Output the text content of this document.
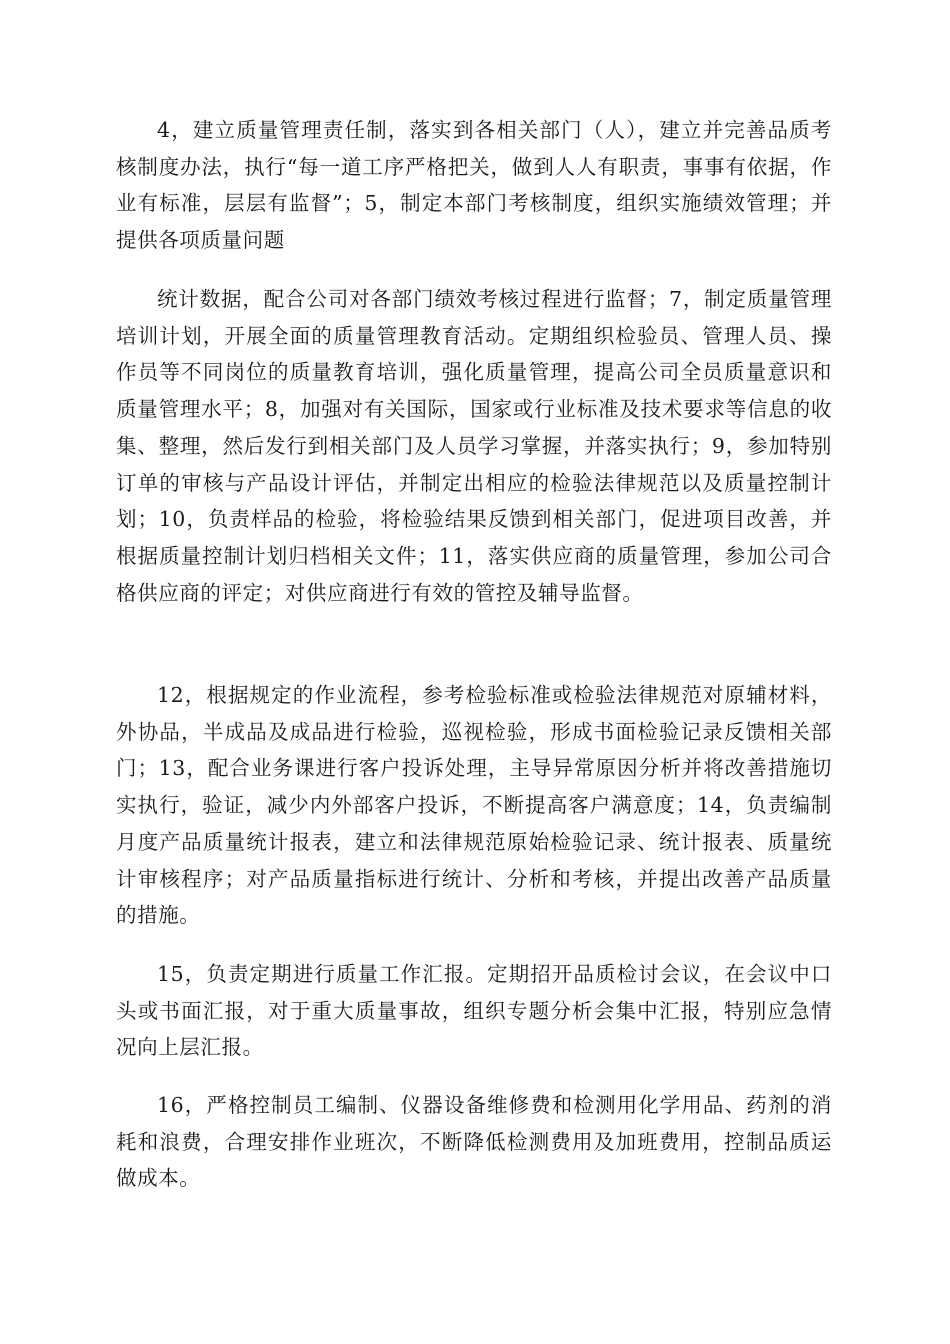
4，建立质量管理责任制，落实到各相关部门（人），建立并完善品质考核制度办法，执行“每一道工序严格把关，做到人人有职责，事事有依据，作业有标准，层层有监督”；5，制定本部门考核制度，组织实施绩效管理；并提供各项质量问题

统计数据，配合公司对各部门绩效考核过程进行监督；7，制定质量管理培训计划，开展全面的质量管理教育活动。定期组织检验员、管理人员、操作员等不同岗位的质量教育培训，强化质量管理，提高公司全员质量意识和质量管理水平；8，加强对有关国际，国家或行业标准及技术要求等信息的收集、整理，然后发行到相关部门及人员学习掌握，并落实执行；9，参加特别订单的审核与产品设计评估，并制定出相应的检验法律规范以及质量控制计划；10，负责样品的检验，将检验结果反馈到相关部门，促进项目改善，并根据质量控制计划归档相关文件；11，落实供应商的质量管理，参加公司合格供应商的评定；对供应商进行有效的管控及辅导监督。

12，根据规定的作业流程，参考检验标准或检验法律规范对原辅材料，外协品，半成品及成品进行检验，巡视检验，形成书面检验记录反馈相关部门；13，配合业务课进行客户投诉处理，主导异常原因分析并将改善措施切实执行，验证，减少内外部客户投诉，不断提高客户满意度；14，负责编制月度产品质量统计报表，建立和法律规范原始检验记录、统计报表、质量统计审核程序；对产品质量指标进行统计、分析和考核，并提出改善产品质量的措施。

15，负责定期进行质量工作汇报。定期招开品质检讨会议，在会议中口头或书面汇报，对于重大质量事故，组织专题分析会集中汇报，特别应急情况向上层汇报。

16，严格控制员工编制、仪器设备维修费和检测用化学用品、药剂的消耗和浪费，合理安排作业班次，不断降低检测费用及加班费用，控制品质运做成本。
